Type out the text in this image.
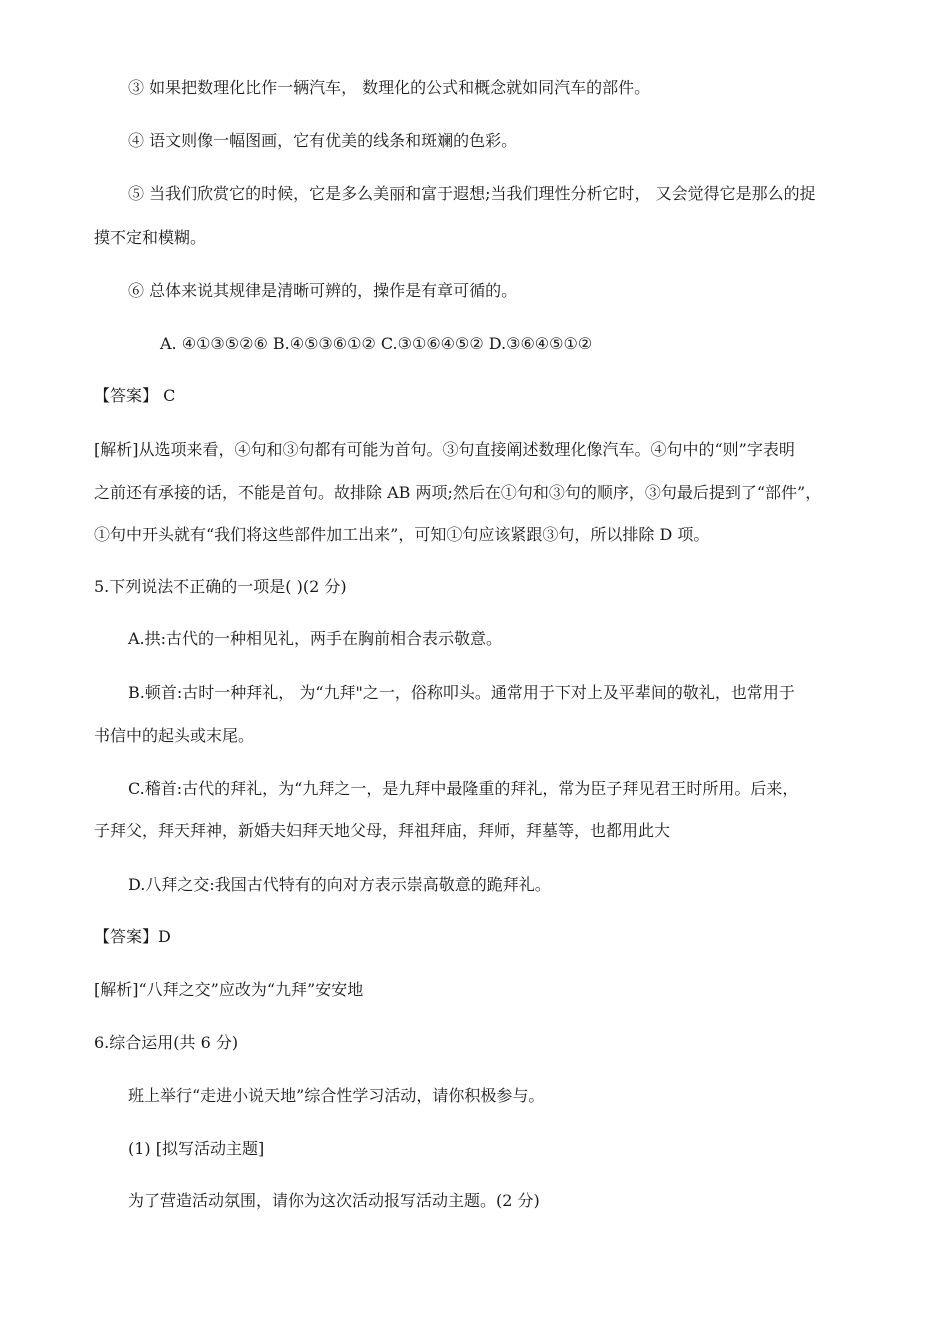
③ 如果把数理化比作一辆汽车， 数理化的公式和概念就如同汽车的部件。
④ 语文则像一幅图画，它有优美的线条和斑斓的色彩。
⑤ 当我们欣赏它的时候，它是多么美丽和富于遐想;当我们理性分析它时， 又会觉得它是那么的捉
摸不定和模糊。
⑥ 总体来说其规律是清晰可辨的，操作是有章可循的。
A. ④①③⑤②⑥ B.④⑤③⑥①② C.③①⑥④⑤② D.③⑥④⑤①②
【答案】 C
[解析]从选项来看，④句和③句都有可能为首句。③句直接阐述数理化像汽车。④句中的“则”字表明
之前还有承接的话，不能是首句。故排除 AB 两项;然后在①句和③句的顺序，③句最后提到了“部件”，
①句中开头就有“我们将这些部件加工出来”，可知①句应该紧跟③句，所以排除 D 项。
5.下列说法不正确的一项是( )(2 分)
A.拱:古代的一种相见礼，两手在胸前相合表示敬意。
B.顿首:古时一种拜礼， 为“九拜"之一，俗称叩头。通常用于下对上及平辈间的敬礼，也常用于
书信中的起头或末尾。
C.稽首:古代的拜礼，为“九拜之一，是九拜中最隆重的拜礼，常为臣子拜见君王时所用。后来，
子拜父，拜天拜神，新婚夫妇拜天地父母，拜祖拜庙，拜师，拜墓等，也都用此大
D.八拜之交:我国古代特有的向对方表示崇高敬意的跪拜礼。
【答案】D
[解析]“八拜之交”应改为“九拜”安安地
6.综合运用(共 6 分)
班上举行“走进小说天地”综合性学习活动，请你积极参与。
(1) [拟写活动主题]
为了营造活动氛围，请你为这次活动报写活动主题。(2 分)
